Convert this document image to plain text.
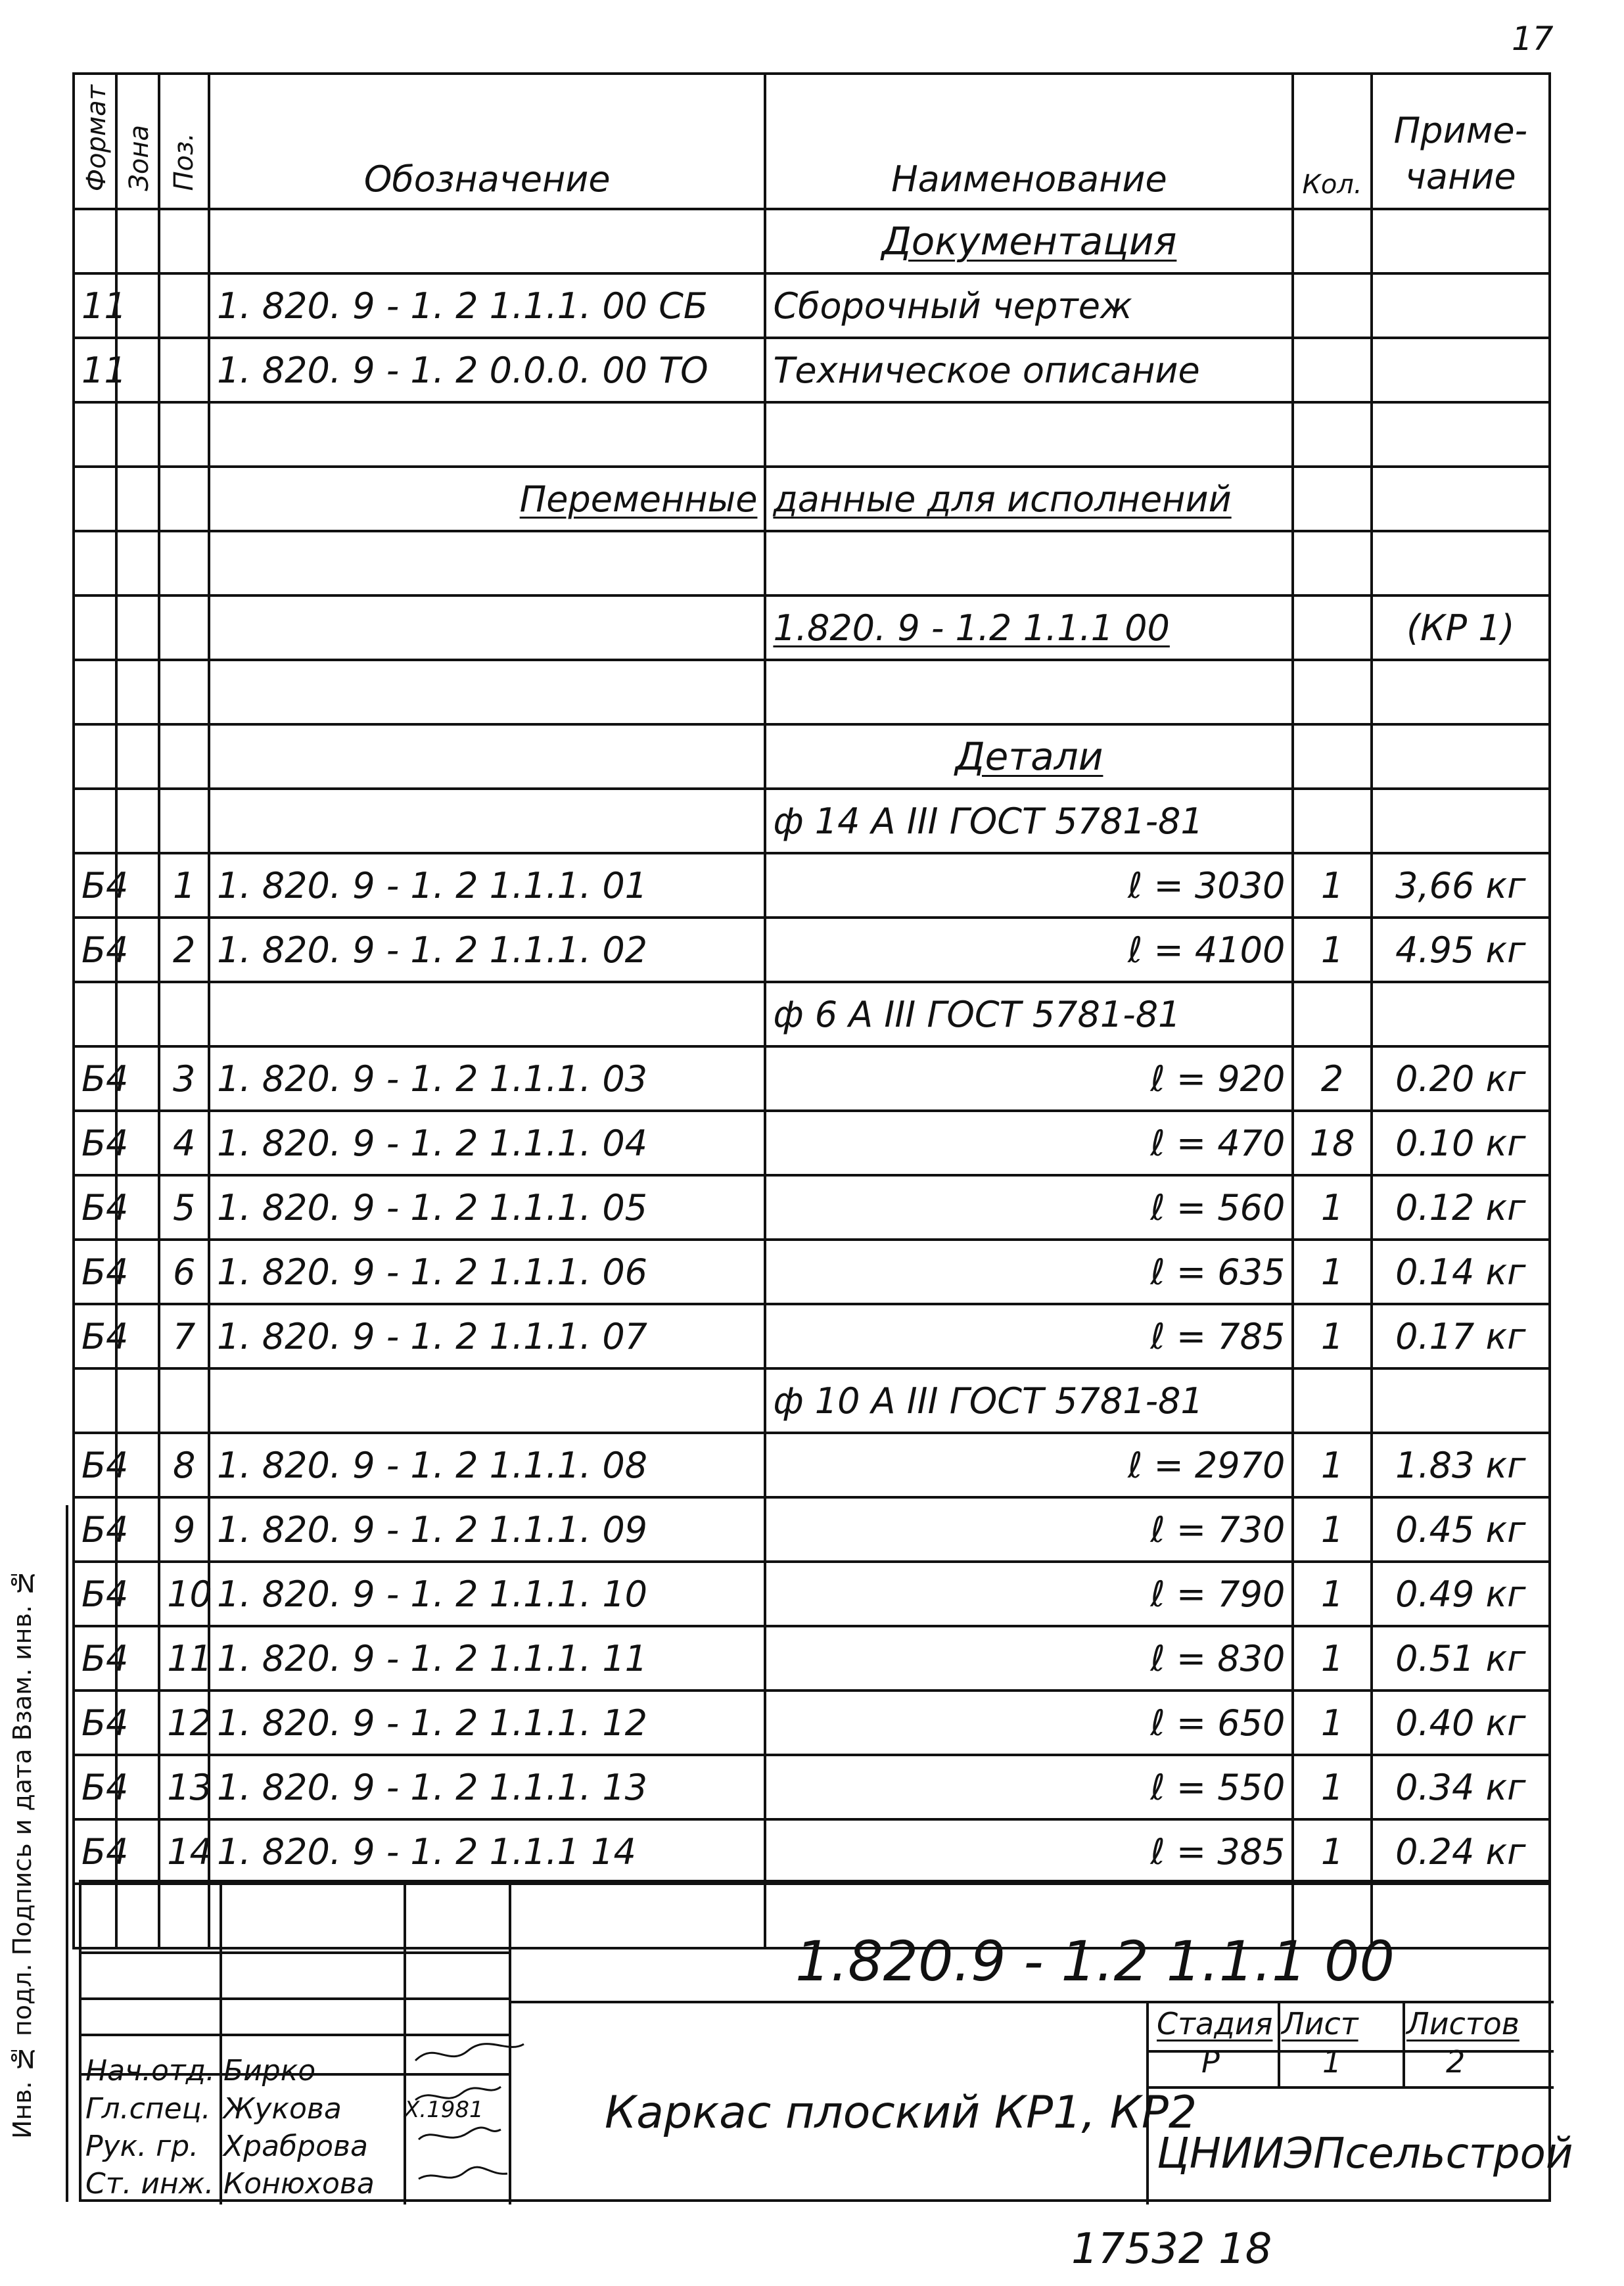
17
Инв. № подл. Подпись и дата Взам. инв. №
Формат	Зона	Поз.	Обозначение	Наименование	Кол.	Приме-
чание

				Документация		
11			1. 820. 9 - 1. 2 1.1.1. 00 СБ	Сборочный чертеж		
11			1. 820. 9 - 1. 2 0.0.0. 00 ТО	Техническое описание		

			Переменные	данные для исполнений		

				1.820. 9 - 1.2 1.1.1 00		(КР 1)

				Детали		
				ф 14 А III ГОСТ 5781-81		
Б4		1	1. 820. 9 - 1. 2 1.1.1. 01	ℓ = 3030	1	3,66 кг
Б4		2	1. 820. 9 - 1. 2 1.1.1. 02	ℓ = 4100	1	4.95 кг
				ф 6 А III ГОСТ 5781-81		
Б4		3	1. 820. 9 - 1. 2 1.1.1. 03	ℓ = 920	2	0.20 кг
Б4		4	1. 820. 9 - 1. 2 1.1.1. 04	ℓ = 470	18	0.10 кг
Б4		5	1. 820. 9 - 1. 2 1.1.1. 05	ℓ = 560	1	0.12 кг
Б4		6	1. 820. 9 - 1. 2 1.1.1. 06	ℓ = 635	1	0.14 кг
Б4		7	1. 820. 9 - 1. 2 1.1.1. 07	ℓ = 785	1	0.17 кг
				ф 10 А III ГОСТ 5781-81		
Б4		8	1. 820. 9 - 1. 2 1.1.1. 08	ℓ = 2970	1	1.83 кг
Б4		9	1. 820. 9 - 1. 2 1.1.1. 09	ℓ = 730	1	0.45 кг
Б4		10	1. 820. 9 - 1. 2 1.1.1. 10	ℓ = 790	1	0.49 кг
Б4		11	1. 820. 9 - 1. 2 1.1.1. 11	ℓ = 830	1	0.51 кг
Б4		12	1. 820. 9 - 1. 2 1.1.1. 12	ℓ = 650	1	0.40 кг
Б4		13	1. 820. 9 - 1. 2 1.1.1. 13	ℓ = 550	1	0.34 кг
Б4		14	1. 820. 9 - 1. 2 1.1.1 14	ℓ = 385	1	0.24 кг

1.820.9 - 1.2 1.1.1 00
Каркас плоский КР1, КР2
ЦНИИЭПсельстрой
Стадия Лист Листов
Р	1	2
Нач.отд. Бирко
Гл.спец. Жукова	X.1981
Рук. гр. Храброва
Ст. инж. Конюхова
17532 18
